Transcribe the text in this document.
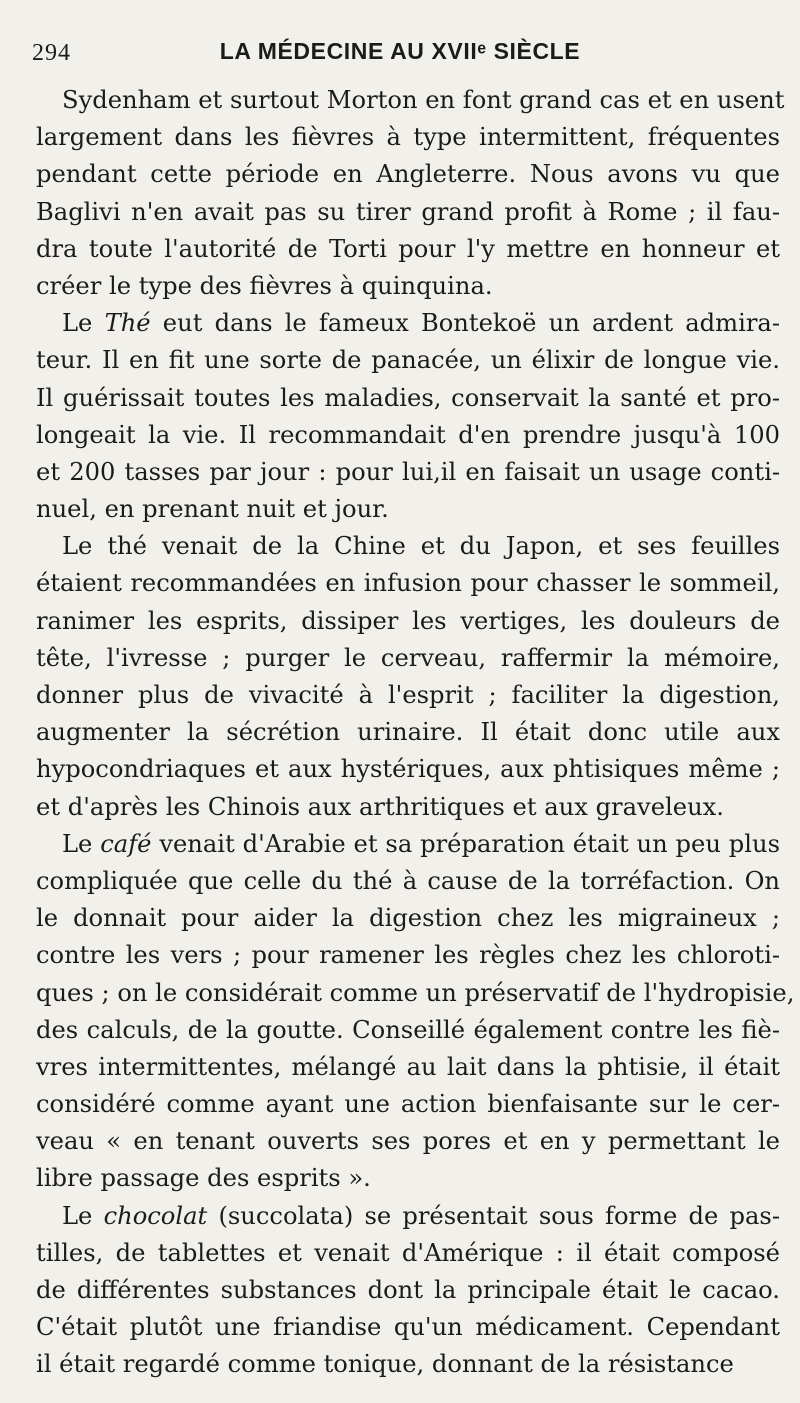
294	LA MÉDECINE AU XVIIᵉ SIÈCLE

Sydenham et surtout Morton en font grand cas et en usent
largement dans les fièvres à type intermittent, fréquentes
pendant cette période en Angleterre. Nous avons vu que
Baglivi n'en avait pas su tirer grand profit à Rome ; il fau-
dra toute l'autorité de Torti pour l'y mettre en honneur et
créer le type des fièvres à quinquina.

Le Thé eut dans le fameux Bontekoë un ardent admira-
teur. Il en fit une sorte de panacée, un élixir de longue vie.
Il guérissait toutes les maladies, conservait la santé et pro-
longeait la vie. Il recommandait d'en prendre jusqu'à 100
et 200 tasses par jour : pour lui,il en faisait un usage conti-
nuel, en prenant nuit et jour.

Le thé venait de la Chine et du Japon, et ses feuilles
étaient recommandées en infusion pour chasser le sommeil,
ranimer les esprits, dissiper les vertiges, les douleurs de
tête, l'ivresse ; purger le cerveau, raffermir la mémoire,
donner plus de vivacité à l'esprit ; faciliter la digestion,
augmenter la sécrétion urinaire. Il était donc utile aux
hypocondriaques et aux hystériques, aux phtisiques même ;
et d'après les Chinois aux arthritiques et aux graveleux.

Le café venait d'Arabie et sa préparation était un peu plus
compliquée que celle du thé à cause de la torréfaction. On
le donnait pour aider la digestion chez les migraineux ;
contre les vers ; pour ramener les règles chez les chloroti-
ques ; on le considérait comme un préservatif de l'hydropisie,
des calculs, de la goutte. Conseillé également contre les fiè-
vres intermittentes, mélangé au lait dans la phtisie, il était
considéré comme ayant une action bienfaisante sur le cer-
veau « en tenant ouverts ses pores et en y permettant le
libre passage des esprits ».

Le chocolat (succolata) se présentait sous forme de pas-
tilles, de tablettes et venait d'Amérique : il était composé
de différentes substances dont la principale était le cacao.
C'était plutôt une friandise qu'un médicament. Cependant
il était regardé comme tonique, donnant de la résistance
